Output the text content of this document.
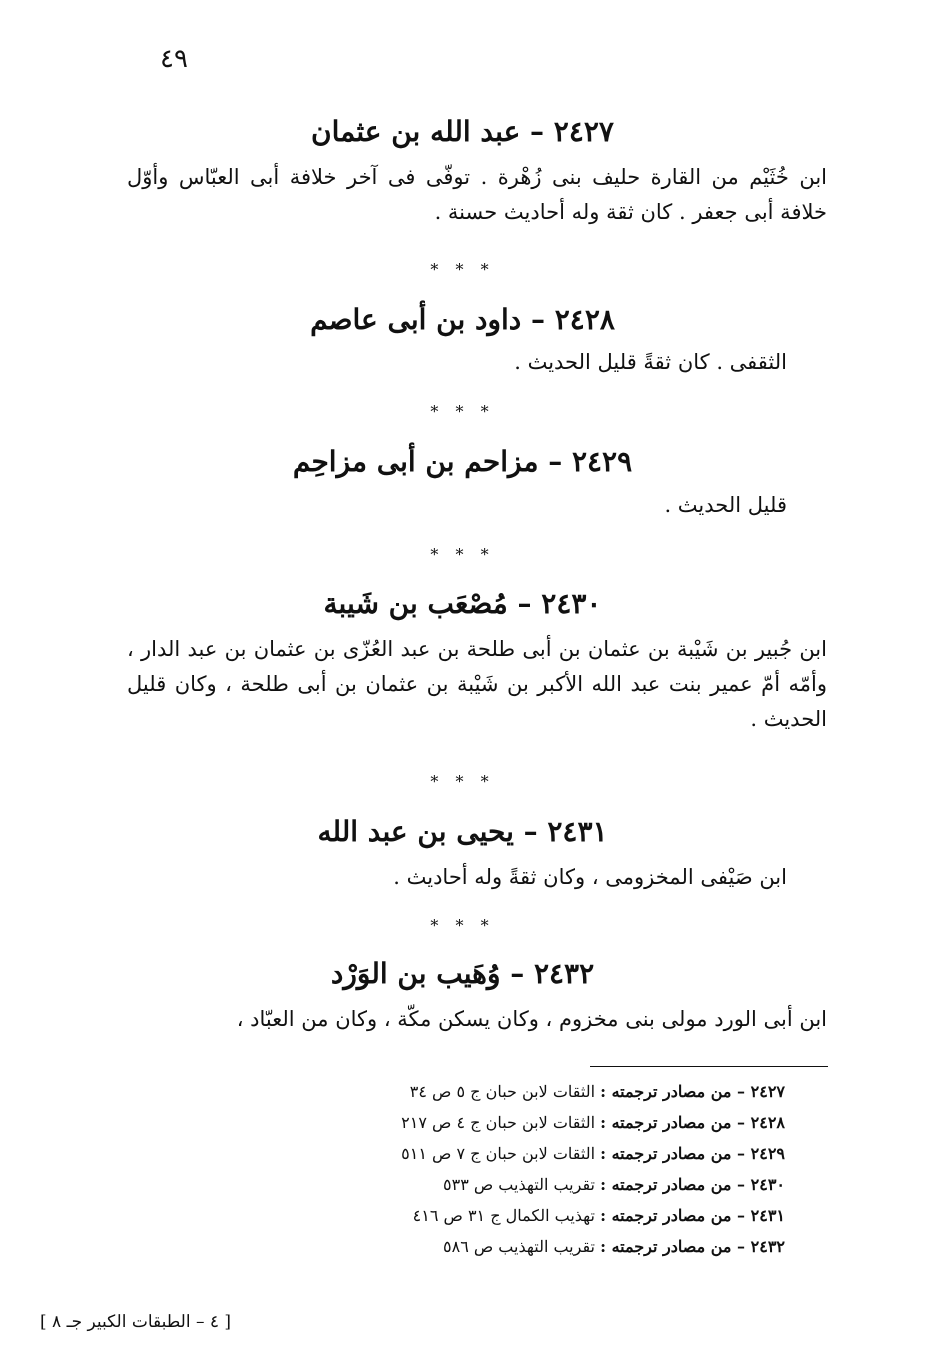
٤٩
٢٤٢٧ – عبد الله بن عثمان
ابن خُثَيْم من القارة حليف بنى زُهْرة . توفّى فى آخر خلافة أبى العبّاس وأوّل خلافة أبى جعفر . كان ثقة وله أحاديث حسنة .
* * *
٢٤٢٨ – داود بن أبى عاصم
الثقفى . كان ثقةً قليل الحديث .
* * *
٢٤٢٩ – مزاحم بن أبى مزاحِم
قليل الحديث .
* * *
٢٤٣٠ – مُصْعَب بن شَيبة
ابن جُبير بن شَيْبة بن عثمان بن أبى طلحة بن عبد العُزّى بن عثمان بن عبد الدار ، وأمّه أمّ عمير بنت عبد الله الأكبر بن شَيْبة بن عثمان بن أبى طلحة ، وكان قليل الحديث .
* * *
٢٤٣١ – يحيى بن عبد الله
ابن صَيْفى المخزومى ، وكان ثقةً وله أحاديث .
* * *
٢٤٣٢ – وُهَيب بن الوَرْد
ابن أبى الورد مولى بنى مخزوم ، وكان يسكن مكّة ، وكان من العبّاد ،
٢٤٢٧ – من مصادر ترجمته : الثقات لابن حبان ج ٥ ص ٣٤
٢٤٢٨ – من مصادر ترجمته : الثقات لابن حبان ج ٤ ص ٢١٧
٢٤٢٩ – من مصادر ترجمته : الثقات لابن حبان ج ٧ ص ٥١١
٢٤٣٠ – من مصادر ترجمته : تقريب التهذيب ص ٥٣٣
٢٤٣١ – من مصادر ترجمته : تهذيب الكمال ج ٣١ ص ٤١٦
٢٤٣٢ – من مصادر ترجمته : تقريب التهذيب ص ٥٨٦
[ ٤ – الطبقات الكبير جـ ٨ ]
